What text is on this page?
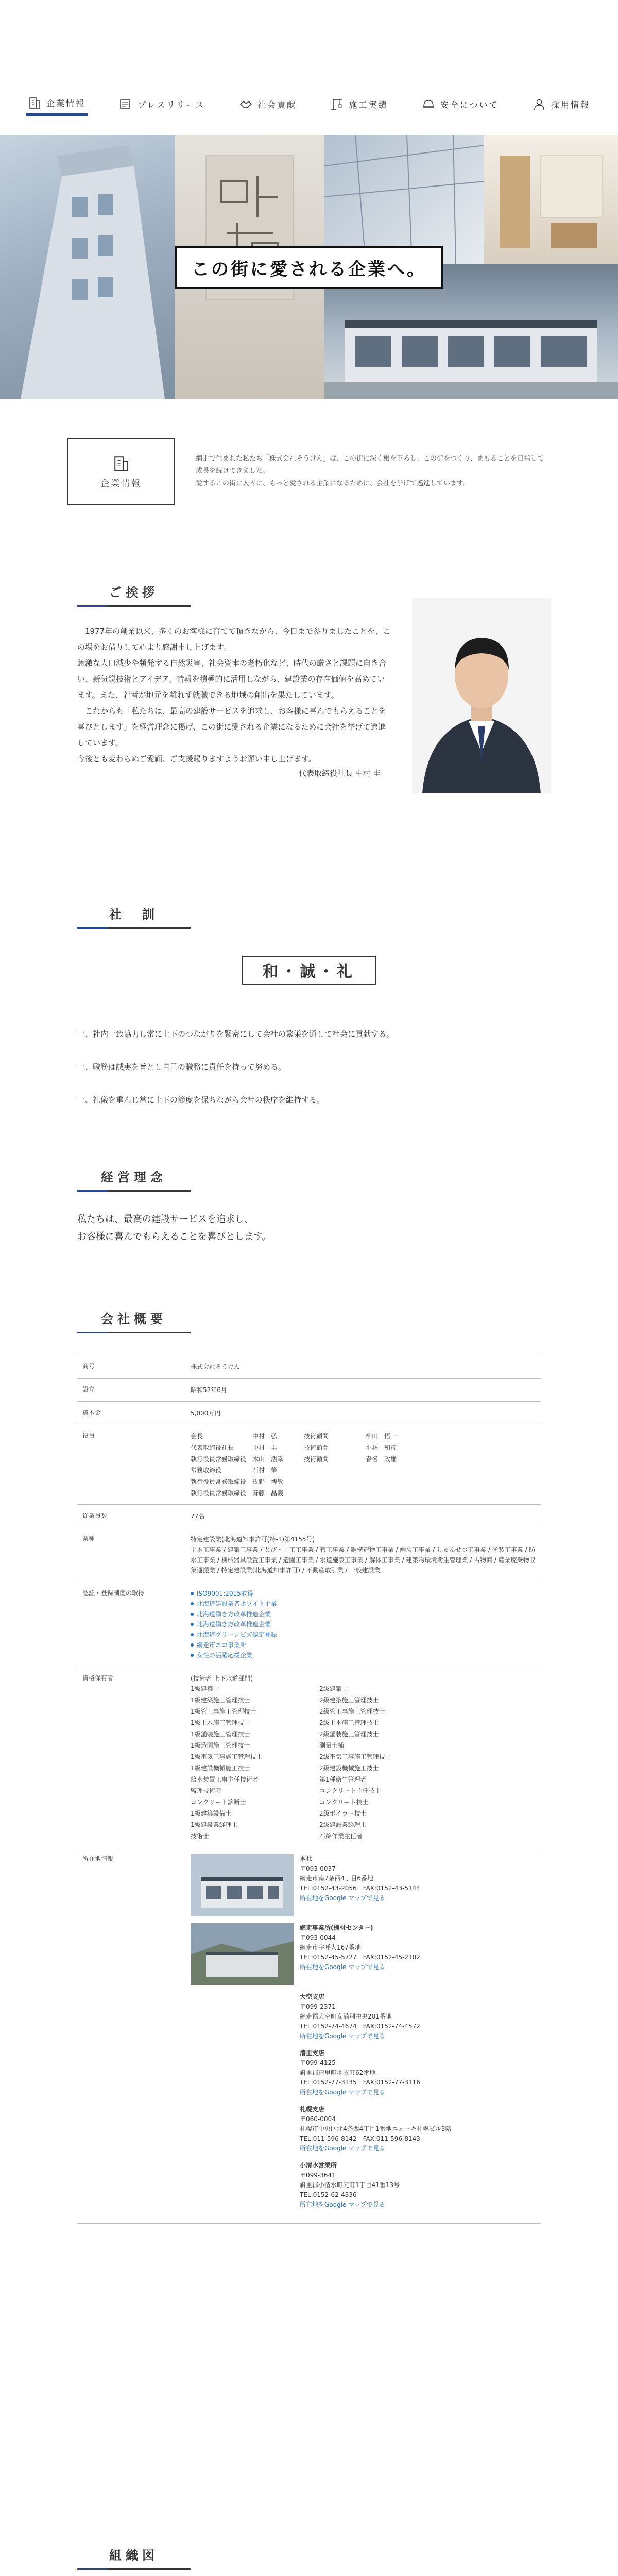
企業情報	プレスリリース	社会貢献	施工実績	安全について	採用情報
この街に愛される企業へ。
企業情報
網走で生まれた私たち「株式会社そうけん」は、この街に深く根を下ろし、この街をつくり、まもることを目指して成長を続けてきました。
愛するこの街に人々に、もっと愛される企業になるために、会社を挙げて邁進しています。
ご挨拶

　1977年の創業以来、多くのお客様に育てて頂きながら、今日まで参りましたことを、この場をお借りして心より感謝申し上げます。

急激な人口減少や頻発する自然災害、社会資本の老朽化など、時代の厳さと課題に向き合い、新気鋭技術とアイデア、情報を積極的に活用しながら、建設業の存在価値を高めています。また、若者が地元を離れず就職できる地域の創出を果たしています。

　これからも「私たちは、最高の建設サービスを追求し、お客様に喜んでもらえることを喜びとします」を経営理念に掲げ、この街に愛される企業になるために会社を挙げて邁進しています。

今後とも変わらぬご愛顧、ご支援賜りますようお願い申し上げます。

代表取締役社長 中村 圭
社　訓
和・誠・礼

一、社内一致協力し常に上下のつながりを緊密にして会社の繁栄を通して社会に貢献する。

一、職務は誠実を旨とし自己の職務に責任を持って努める。

一、礼儀を重んじ常に上下の節度を保ちながら会社の秩序を維持する。

経営理念

私たちは、最高の建設サービスを追求し、

お客様に喜んでもらえることを喜びとします。

会社概要
商号	株式会社そうけん
設立	昭和52年6月
資本金	5,000万円
役員	会長	中村　弘	技術顧問	柳田　悟一
代表取締役社長	中村　圭	技術顧問	小林　和彦
執行役員常務取締役 木山　浩幸	技術顧問	春名　政雄
常務取締役	石村　肇
執行役員常務取締役 牧野　博敏
執行役員常務取締役 斉藤　晶義
従業員数	77名
業種	特定建設業(北海道知事許可(特-1)第4155号)
土木工事業 / 建築工事業 / とび・土工工事業 / 管工事業 / 鋼構造物工事業 / 舗装工事業 / しゅんせつ工事業 / 塗装工事業 / 防水工事業 / 機械器具設置工事業 / 造園工事業 / 水道施設工事業 / 解体工事業 / 建築物環境衛生管理業 / 古物商 / 産業廃棄物収集運搬業 / 特定建設業(北海道知事許可) / 不動産取引業 / 一般建設業
認証・登録制度の取得	ISO9001:2015取得
北海道建設業者ホワイト企業
北海道働き方改革推進企業
北海道働き方改革推進企業
北海道グリーンビズ認定登録
網走市エコ事業所
女性の活躍応援企業
資格保有者	(技術者 上下水道部門)
1級建築士	2級建築士
1級建築施工管理技士	2級建築施工管理技士
1級管工事施工管理技士	2級管工事施工管理技士
1級土木施工管理技士	2級土木施工管理技士
1級舗装施工管理技士	2級舗装施工管理技士
1級造園施工管理技士	測量士補
1級電気工事施工管理技士	2級電気工事施工管理技士
1級建設機械施工技士	2級建設機械施工技士
給水装置工事主任技術者	第1種衛生管理者
監理技術者	コンクリート主任技士
コンクリート診断士	コンクリート技士
1級建築設備士	2級ボイラー技士
1級建設業経理士	2級建設業経理士
技術士	石綿作業主任者
所在地情報	本社
〒093-0037
網走市南7条西4丁目6番地
TEL:0152-43-2056　FAX:0152-43-5144
所在地をGoogle マップで見る
網走事業所(機材センター)
〒093-0044
網走市字呼人167番地
TEL:0152-45-5727　FAX:0152-45-2102
所在地をGoogle マップで見る
大空支店
〒099-2371
網走郡大空町女満別中央201番地
TEL:0152-74-4674　FAX:0152-74-4572
所在地をGoogle マップで見る
清里支店
〒099-4125
斜里郡清里町羽衣町62番地
TEL:0152-77-3135　FAX:0152-77-3116
所在地をGoogle マップで見る
札幌支店
〒060-0004
札幌市中央区北4条西4丁目1番地ニューキ札幌ビル3階
TEL:011-596-8142　FAX:011-596-8143
所在地をGoogle マップで見る
小清水営業所
〒099-3641
斜里郡小清水町元町1丁目41番13号
TEL:0152-62-4336
所在地をGoogle マップで見る
組織図
